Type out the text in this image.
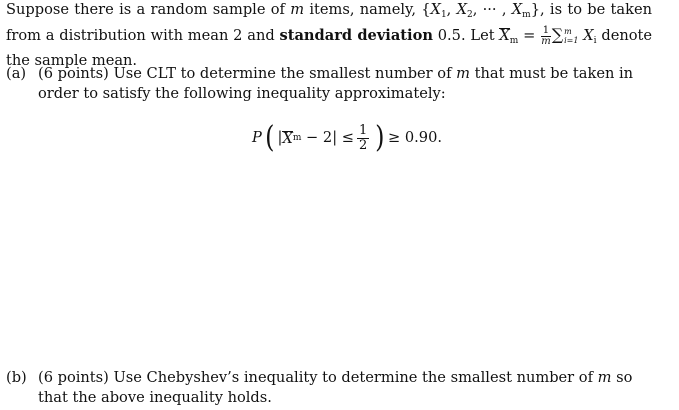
Suppose there is a random sample of m items, namely, {$X_1$, $X_2$, ··· , $X_m$}, is to be taken from a distribution with mean 2 and standard deviation 0.5. Let $X_m = \frac{1}{m}$ ∑ m
i=1 $X_i$ denote the sample mean.
(a) (6 points) Use CLT to determine the smallest number of m that must be taken in order to satisfy the following inequality approximately:
P ( | X m
− 2|
≤ $\frac{1}{2}$ ) ≥ 0.90.
(b) (6 points) Use Chebyshev’s inequality to determine the smallest number of m so that the above inequality holds.
